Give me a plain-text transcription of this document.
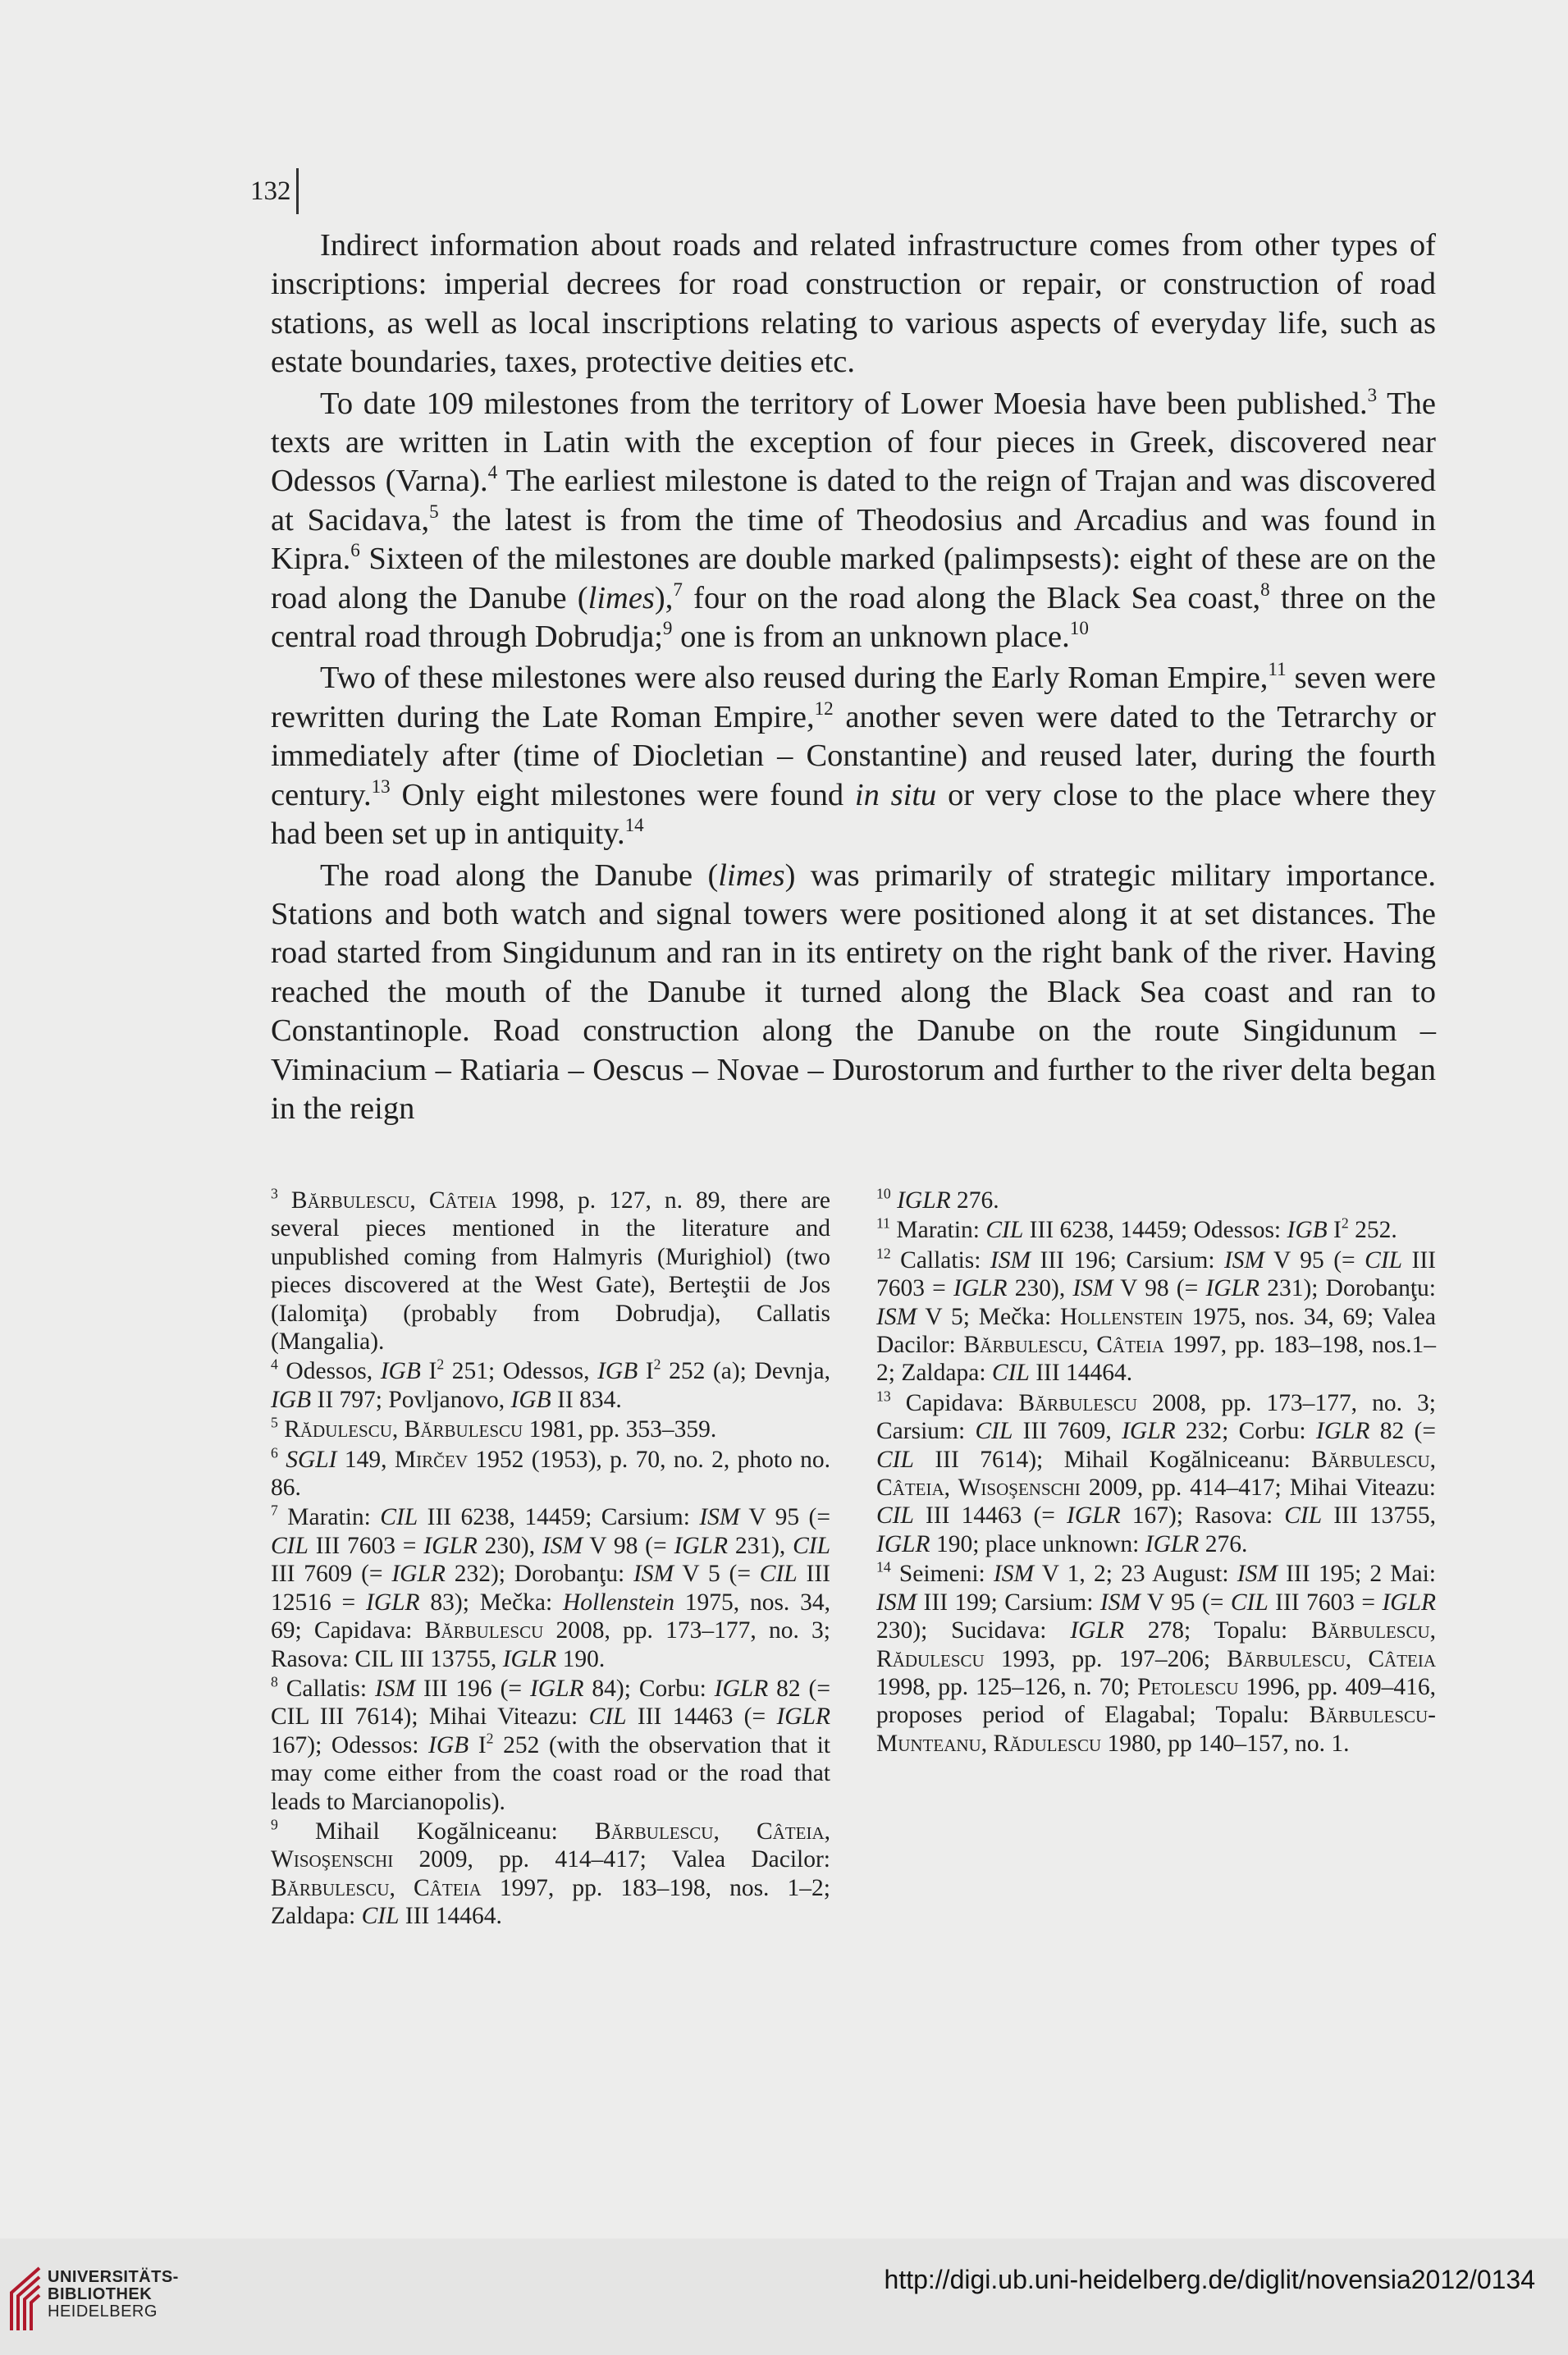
132

Indirect information about roads and related infrastructure comes from other types of inscriptions: imperial decrees for road construction or repair, or construction of road stations, as well as local inscriptions relating to various aspects of everyday life, such as estate boundaries, taxes, protective deities etc.

To date 109 milestones from the territory of Lower Moesia have been published.$^3$ The texts are written in Latin with the exception of four pieces in Greek, discovered near Odessos (Varna).$^4$ The earliest milestone is dated to the reign of Trajan and was discovered at Sacidava,$^5$ the latest is from the time of Theodosius and Arcadius and was found in Kipra.$^6$ Sixteen of the milestones are double marked (palimpsests): eight of these are on the road along the Danube (limes),$^7$ four on the road along the Black Sea coast,$^8$ three on the central road through Dobrudja;$^9$ one is from an unknown place.$^{10}$

Two of these milestones were also reused during the Early Roman Empire,$^{11}$ seven were rewritten during the Late Roman Empire,$^{12}$ another seven were dated to the Tetrarchy or immediately after (time of Diocletian – Constantine) and reused later, during the fourth century.$^{13}$ Only eight milestones were found in situ or very close to the place where they had been set up in antiquity.$^{14}$

The road along the Danube (limes) was primarily of strategic military importance. Stations and both watch and signal towers were positioned along it at set distances. The road started from Singidunum and ran in its entirety on the right bank of the river. Having reached the mouth of the Danube it turned along the Black Sea coast and ran to Constantinople. Road construction along the Danube on the route Singidunum – Viminacium – Ratiaria – Oescus – Novae – Durostorum and further to the river delta began in the reign

$^3$ Bărbulescu, Câteia 1998, p. 127, n. 89, there are several pieces mentioned in the literature and unpublished coming from Halmyris (Murighiol) (two pieces discovered at the West Gate), Berteştii de Jos (Ialomiţa) (probably from Dobrudja), Callatis (Mangalia).

$^4$ Odessos, IGB $I^2$ 251; Odessos, IGB $I^2$ 252 (a); Devnja, IGB II 797; Povljanovo, IGB II 834.

$^5$ Rădulescu, Bărbulescu 1981, pp. 353–359.

$^6$ SGLI 149, Mirčev 1952 (1953), p. 70, no. 2, photo no. 86.

$^7$ Maratin: CIL III 6238, 14459; Carsium: ISM V 95 (= CIL III 7603 = IGLR 230), ISM V 98 (= IGLR 231), CIL III 7609 (= IGLR 232); Dorobanţu: ISM V 5 (= CIL III 12516 = IGLR 83); Mečka: Hollenstein 1975, nos. 34, 69; Capidava: Bărbulescu 2008, pp. 173–177, no. 3; Rasova: CIL III 13755, IGLR 190.

$^8$ Callatis: ISM III 196 (= IGLR 84); Corbu: IGLR 82 (= CIL III 7614); Mihai Viteazu: CIL III 14463 (= IGLR 167); Odessos: IGB $I^2$ 252 (with the observation that it may come either from the coast road or the road that leads to Marcianopolis).

$^9$ Mihail Kogălniceanu: Bărbulescu, Câteia, Wisoşenschi 2009, pp. 414–417; Valea Dacilor: Bărbulescu, Câteia 1997, pp. 183–198, nos. 1–2; Zaldapa: CIL III 14464.

$^{10}$ IGLR 276.

$^{11}$ Maratin: CIL III 6238, 14459; Odessos: IGB $I^2$ 252.

$^{12}$ Callatis: ISM III 196; Carsium: ISM V 95 (= CIL III 7603 = IGLR 230), ISM V 98 (= IGLR 231); Dorobanţu: ISM V 5; Mečka: Hollenstein 1975, nos. 34, 69; Valea Dacilor: Bărbulescu, Câteia 1997, pp. 183–198, nos.1–2; Zaldapa: CIL III 14464.

$^{13}$ Capidava: Bărbulescu 2008, pp. 173–177, no. 3; Carsium: CIL III 7609, IGLR 232; Corbu: IGLR 82 (= CIL III 7614); Mihail Kogălniceanu: Bărbulescu, Câteia, Wisoşenschi 2009, pp. 414–417; Mihai Viteazu: CIL III 14463 (= IGLR 167); Rasova: CIL III 13755, IGLR 190; place unknown: IGLR 276.

$^{14}$ Seimeni: ISM V 1, 2; 23 August: ISM III 195; 2 Mai: ISM III 199; Carsium: ISM V 95 (= CIL III 7603 = IGLR 230); Sucidava: IGLR 278; Topalu: Bărbulescu, Rădulescu 1993, pp. 197–206; Bărbulescu, Câteia 1998, pp. 125–126, n. 70; Petolescu 1996, pp. 409–416, proposes period of Elagabal; Topalu: Bărbulescu-Munteanu, Rădulescu 1980, pp 140–157, no. 1.

UNIVERSITÄTS-
BIBLIOTHEK
HEIDELBERG
http://digi.ub.uni-heidelberg.de/diglit/novensia2012/0134
